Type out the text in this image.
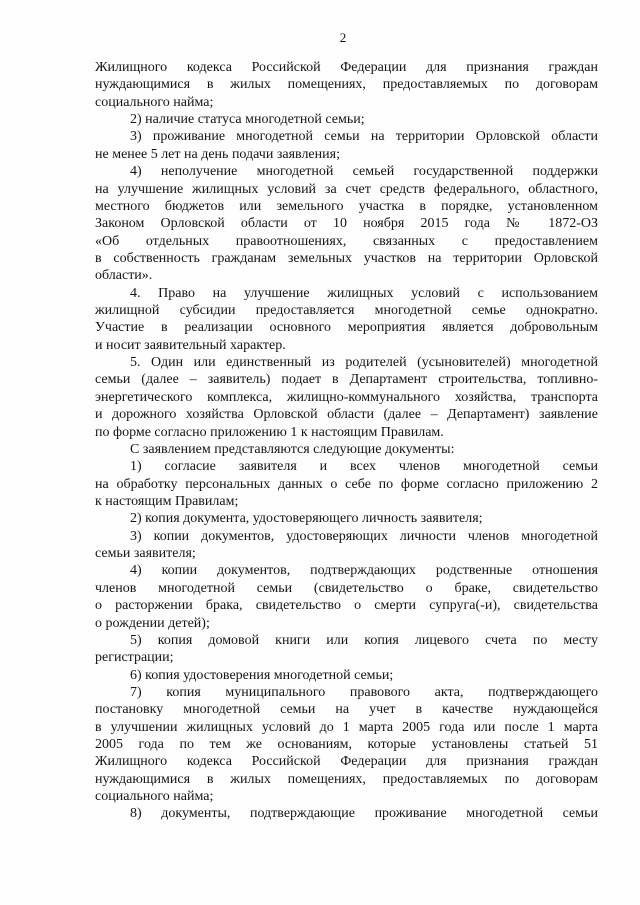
2
Жилищного кодекса Российской Федерации для признания граждан
нуждающимися в жилых помещениях, предоставляемых по договорам
социального найма;
2) наличие статуса многодетной семьи;
3) проживание многодетной семьи на территории Орловской области
не менее 5 лет на день подачи заявления;
4) неполучение многодетной семьей государственной поддержки
на улучшение жилищных условий за счет средств федерального, областного,
местного бюджетов или земельного участка в порядке, установленном
Законом Орловской области от 10 ноября 2015 года № 1872-ОЗ
«Об отдельных правоотношениях, связанных с предоставлением
в собственность гражданам земельных участков на территории Орловской
области».
4. Право на улучшение жилищных условий с использованием
жилищной субсидии предоставляется многодетной семье однократно.
Участие в реализации основного мероприятия является добровольным
и носит заявительный характер.
5. Один или единственный из родителей (усыновителей) многодетной
семьи (далее – заявитель) подает в Департамент строительства, топливно-
энергетического комплекса, жилищно-коммунального хозяйства, транспорта
и дорожного хозяйства Орловской области (далее – Департамент) заявление
по форме согласно приложению 1 к настоящим Правилам.
С заявлением представляются следующие документы:
1) согласие заявителя и всех членов многодетной семьи
на обработку персональных данных о себе по форме согласно приложению 2
к настоящим Правилам;
2) копия документа, удостоверяющего личность заявителя;
3) копии документов, удостоверяющих личности членов многодетной
семьи заявителя;
4) копии документов, подтверждающих родственные отношения
членов многодетной семьи (свидетельство о браке, свидетельство
о расторжении брака, свидетельство о смерти супруга(-и), свидетельства
о рождении детей);
5) копия домовой книги или копия лицевого счета по месту
регистрации;
6) копия удостоверения многодетной семьи;
7) копия муниципального правового акта, подтверждающего
постановку многодетной семьи на учет в качестве нуждающейся
в улучшении жилищных условий до 1 марта 2005 года или после 1 марта
2005 года по тем же основаниям, которые установлены статьей 51
Жилищного кодекса Российской Федерации для признания граждан
нуждающимися в жилых помещениях, предоставляемых по договорам
социального найма;
8) документы, подтверждающие проживание многодетной семьи
